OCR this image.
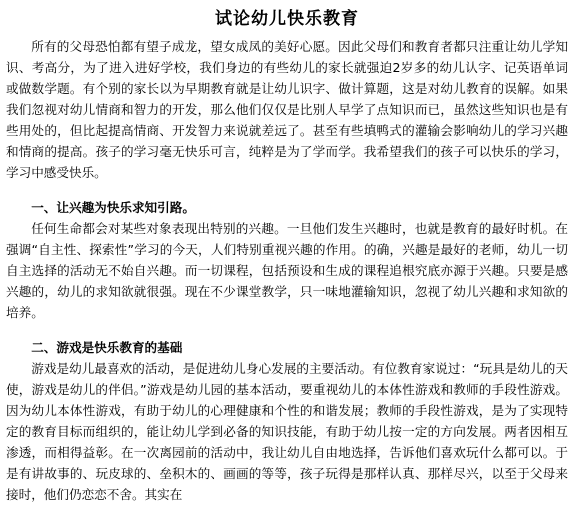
试论幼儿快乐教育

所有的父母恐怕都有望子成龙，望女成凤的美好心愿。因此父母们和教育者都只注重让幼儿学知识、考高分，为了进入进好学校，我们身边的有些幼儿的家长就强迫2岁多的幼儿认字、记英语单词或做数学题。有个别的家长以为早期教育就是让幼儿识字、做计算题，这是对幼儿教育的误解。如果我们忽视对幼儿情商和智力的开发，那么他们仅仅是比别人早学了点知识而已，虽然这些知识也是有些用处的，但比起提高情商、开发智力来说就差远了。甚至有些填鸭式的灌输会影响幼儿的学习兴趣和情商的提高。孩子的学习毫无快乐可言，纯粹是为了学而学。我希望我们的孩子可以快乐的学习，学习中感受快乐。

一、让兴趣为快乐求知引路。

任何生命都会对某些对象表现出特别的兴趣。一旦他们发生兴趣时，也就是教育的最好时机。在强调“自主性、探索性”学习的今天，人们特别重视兴趣的作用。的确，兴趣是最好的老师，幼儿一切自主选择的活动无不始自兴趣。而一切课程，包括预设和生成的课程追根究底亦源于兴趣。只要是感兴趣的，幼儿的求知欲就很强。现在不少课堂教学，只一味地灌输知识，忽视了幼儿兴趣和求知欲的培养。

二、游戏是快乐教育的基础

游戏是幼儿最喜欢的活动，是促进幼儿身心发展的主要活动。有位教育家说过：“玩具是幼儿的天使，游戏是幼儿的伴侣。”游戏是幼儿园的基本活动，要重视幼儿的本体性游戏和教师的手段性游戏。因为幼儿本体性游戏，有助于幼儿的心理健康和个性的和谐发展；教师的手段性游戏，是为了实现特定的教育目标而组织的，能让幼儿学到必备的知识技能，有助于幼儿按一定的方向发展。两者因相互渗透，而相得益彰。在一次离园前的活动中，我让幼儿自由地选择，告诉他们喜欢玩什么都可以。于是有讲故事的、玩皮球的、垒积木的、画画的等等，孩子玩得是那样认真、那样尽兴，以至于父母来接时，他们仍恋恋不舍。其实在
